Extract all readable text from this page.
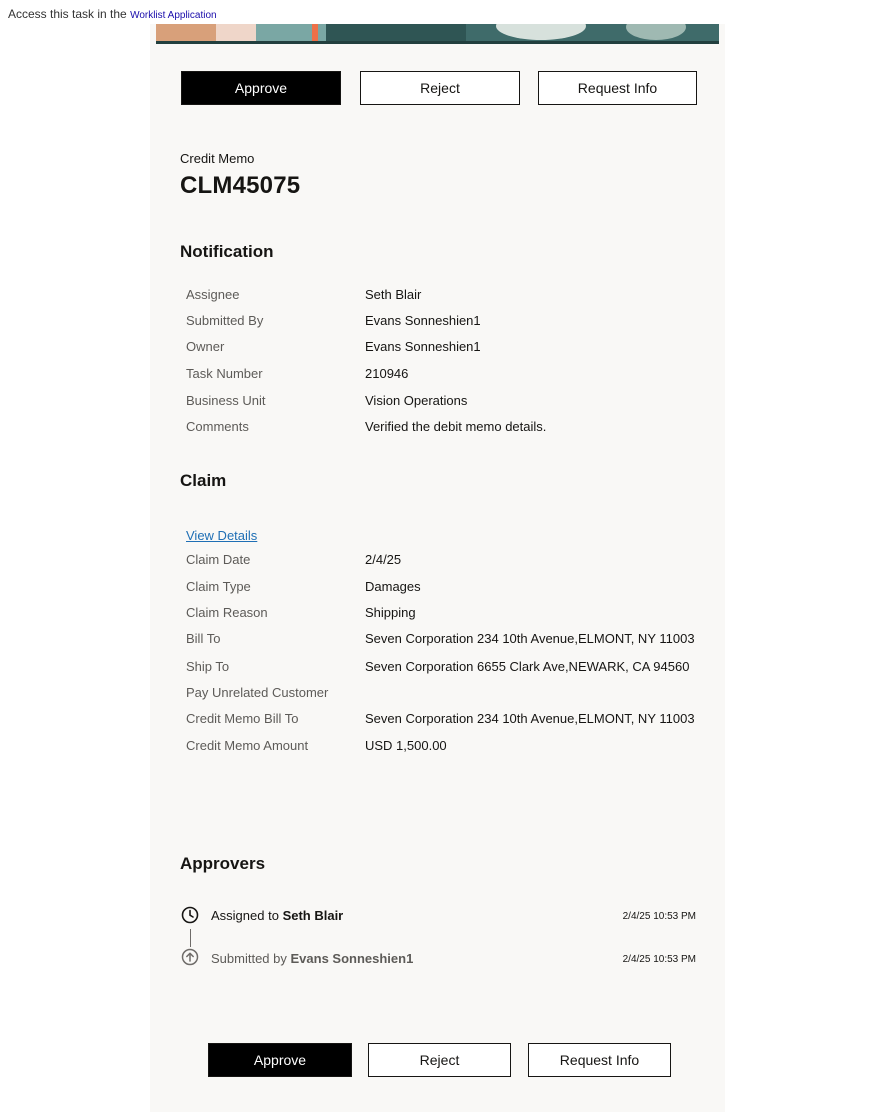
Access this task in the Worklist Application
Approve	Reject	Request Info
Credit Memo
CLM45075
Notification
Assignee	Seth Blair
Submitted By	Evans Sonneshien1
Owner	Evans Sonneshien1
Task Number	210946
Business Unit	Vision Operations
Comments	Verified the debit memo details.
Claim
View Details
Claim Date	2/4/25
Claim Type	Damages
Claim Reason	Shipping
Bill To	Seven Corporation 234 10th Avenue,ELMONT, NY 11003
Ship To	Seven Corporation 6655 Clark Ave,NEWARK, CA 94560
Pay Unrelated Customer
Credit Memo Bill To	Seven Corporation 234 10th Avenue,ELMONT, NY 11003
Credit Memo Amount	USD 1,500.00
Approvers
Assigned to Seth Blair	2/4/25 10:53 PM
Submitted by Evans Sonneshien1	2/4/25 10:53 PM
Approve	Reject	Request Info
